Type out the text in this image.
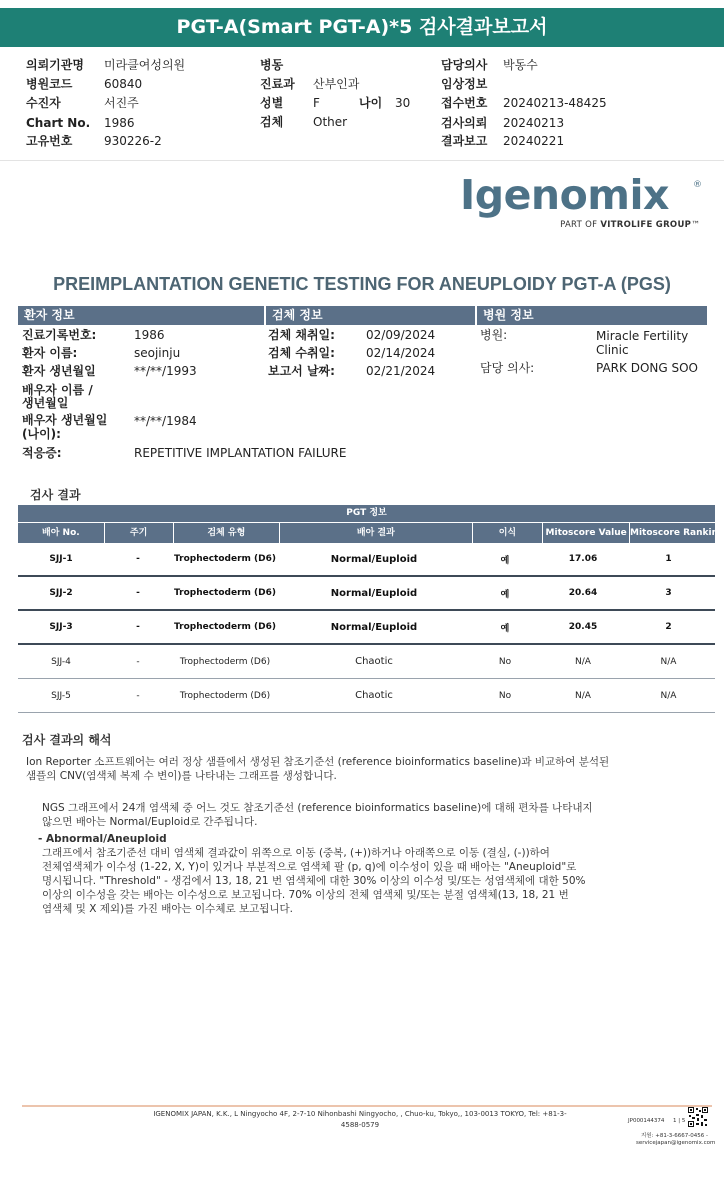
PGT-A(Smart PGT-A)*5 검사결과보고서
의뢰기관명 미라클여성의원
병원코드	60840
수진자	서진주
Chart No. 1986
고유번호	930226-2
병동
진료과 산부인과
성별 F	나이 30
검체 Other
담당의사 박동수
임상정보
접수번호 20240213-48425
검사의뢰 20240213
결과보고 20240221
Igenomix	®
PART OF VITROLIFE GROUP™
PREIMPLANTATION GENETIC TESTING FOR ANEUPLOIDY PGT-A (PGS)
환자 정보	검체 정보	병원 정보
진료기록번호:	1986
환자 이름:	seojinju
환자 생년월일	**/**/1993
배우자 이름 /
생년월일
배우자 생년월일
(나이):
**/**/1984
적응증:	REPETITIVE IMPLANTATION FAILURE
검체 채취일:	02/09/2024
검체 수취일:	02/14/2024
보고서 날짜:	02/21/2024
병원:	Miracle Fertility
Clinic
담당 의사:	PARK DONG SOO
검사 결과
PGT 정보
배아 No.	주기	검체 유형	배아 결과	이식	Mitoscore Value Mitoscore Ranking
SJJ-1	-	Trophectoderm (D6)	Normal/Euploid	예	17.06	1
SJJ-2	-	Trophectoderm (D6)	Normal/Euploid	예	20.64	3
SJJ-3	-	Trophectoderm (D6)	Normal/Euploid	예	20.45	2
SJJ-4	-	Trophectoderm (D6)	Chaotic	No	N/A	N/A
SJJ-5	-	Trophectoderm (D6)	Chaotic	No	N/A	N/A
검사 결과의 해석
Ion Reporter 소프트웨어는 여러 정상 샘플에서 생성된 참조기준선 (reference bioinformatics baseline)과 비교하여 분석된
샘플의 CNV(염색체 복제 수 변이)를 나타내는 그래프를 생성합니다.
NGS 그래프에서 24개 염색체 중 어느 것도 참조기준선 (reference bioinformatics baseline)에 대해 편차를 나타내지
않으면 배아는 Normal/Euploid로 간주됩니다.
- Abnormal/Aneuploid
그래프에서 참조기준선 대비 염색체 결과값이 위쪽으로 이동 (중복, (+))하거나 아래쪽으로 이동 (결실, (-))하여
전체염색체가 이수성 (1-22, X, Y)이 있거나 부분적으로 염색체 팔 (p, q)에 이수성이 있을 때 배아는 "Aneuploid"로
명시됩니다. "Threshold" - 생검에서 13, 18, 21 번 염색체에 대한 30% 이상의 이수성 및/또는 성염색체에 대한 50%
이상의 이수성을 갖는 배아는 이수성으로 보고됩니다. 70% 이상의 전체 염색체 및/또는 분절 염색체(13, 18, 21 번
염색체 및 X 제외)를 가진 배아는 이수체로 보고됩니다.
IGENOMIX JAPAN, K.K., L Ningyocho 4F, 2-7-10 Nihonbashi Ningyocho, , Chuo-ku, Tokyo,, 103-0013 TOKYO, Tel: +81-3-
4588-0579	JP000144374 1 | 5
지원: +81-3-6667-0456 -
servicejapan@igenomix.com
